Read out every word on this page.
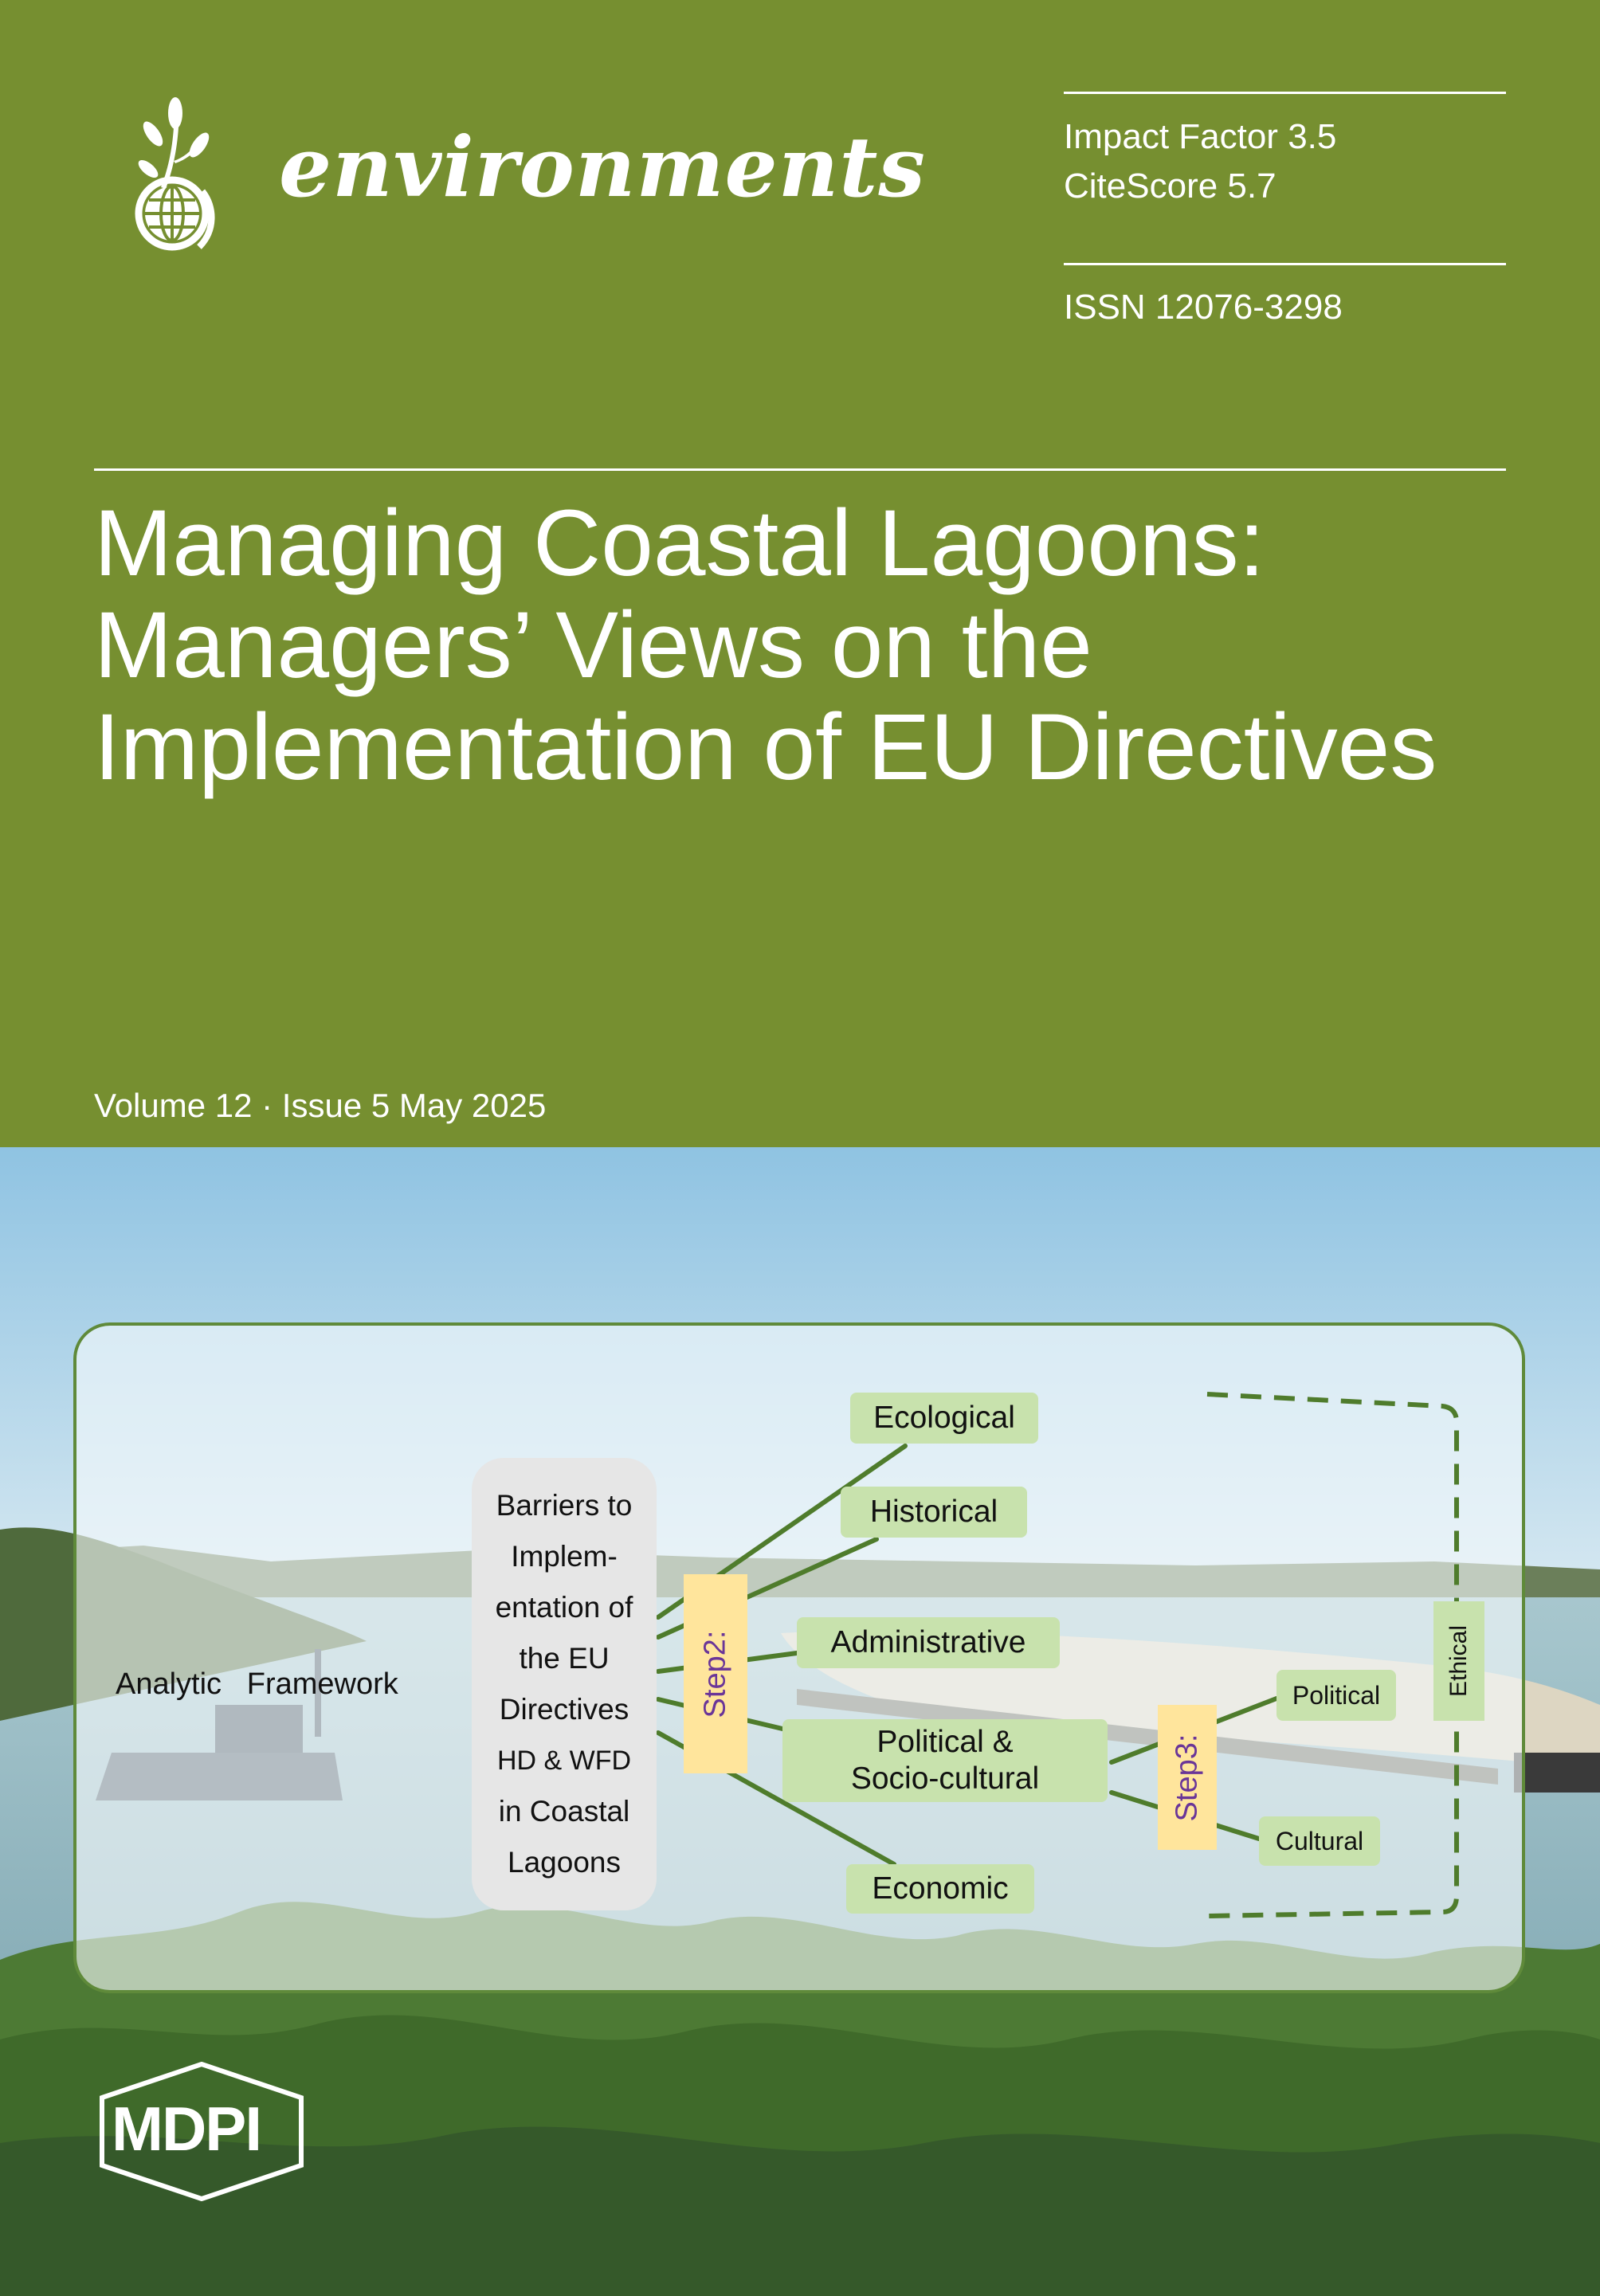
environments	Impact Factor 3.5
CiteScore 5.7
ISSN 12076-3298
Managing Coastal Lagoons:
Managers’ Views on the
Implementation of EU Directives
Volume 12 · Issue 5 May 2025
Analytic   Framework
Barriers to
Implem-
entation of
the EU
Directives
HD & WFD
in Coastal
Lagoons
Step2:
Step3:
Ecological
Historical
Administrative
Political & Socio-cultural
Economic
Political
Cultural
Ethical
MDPI
